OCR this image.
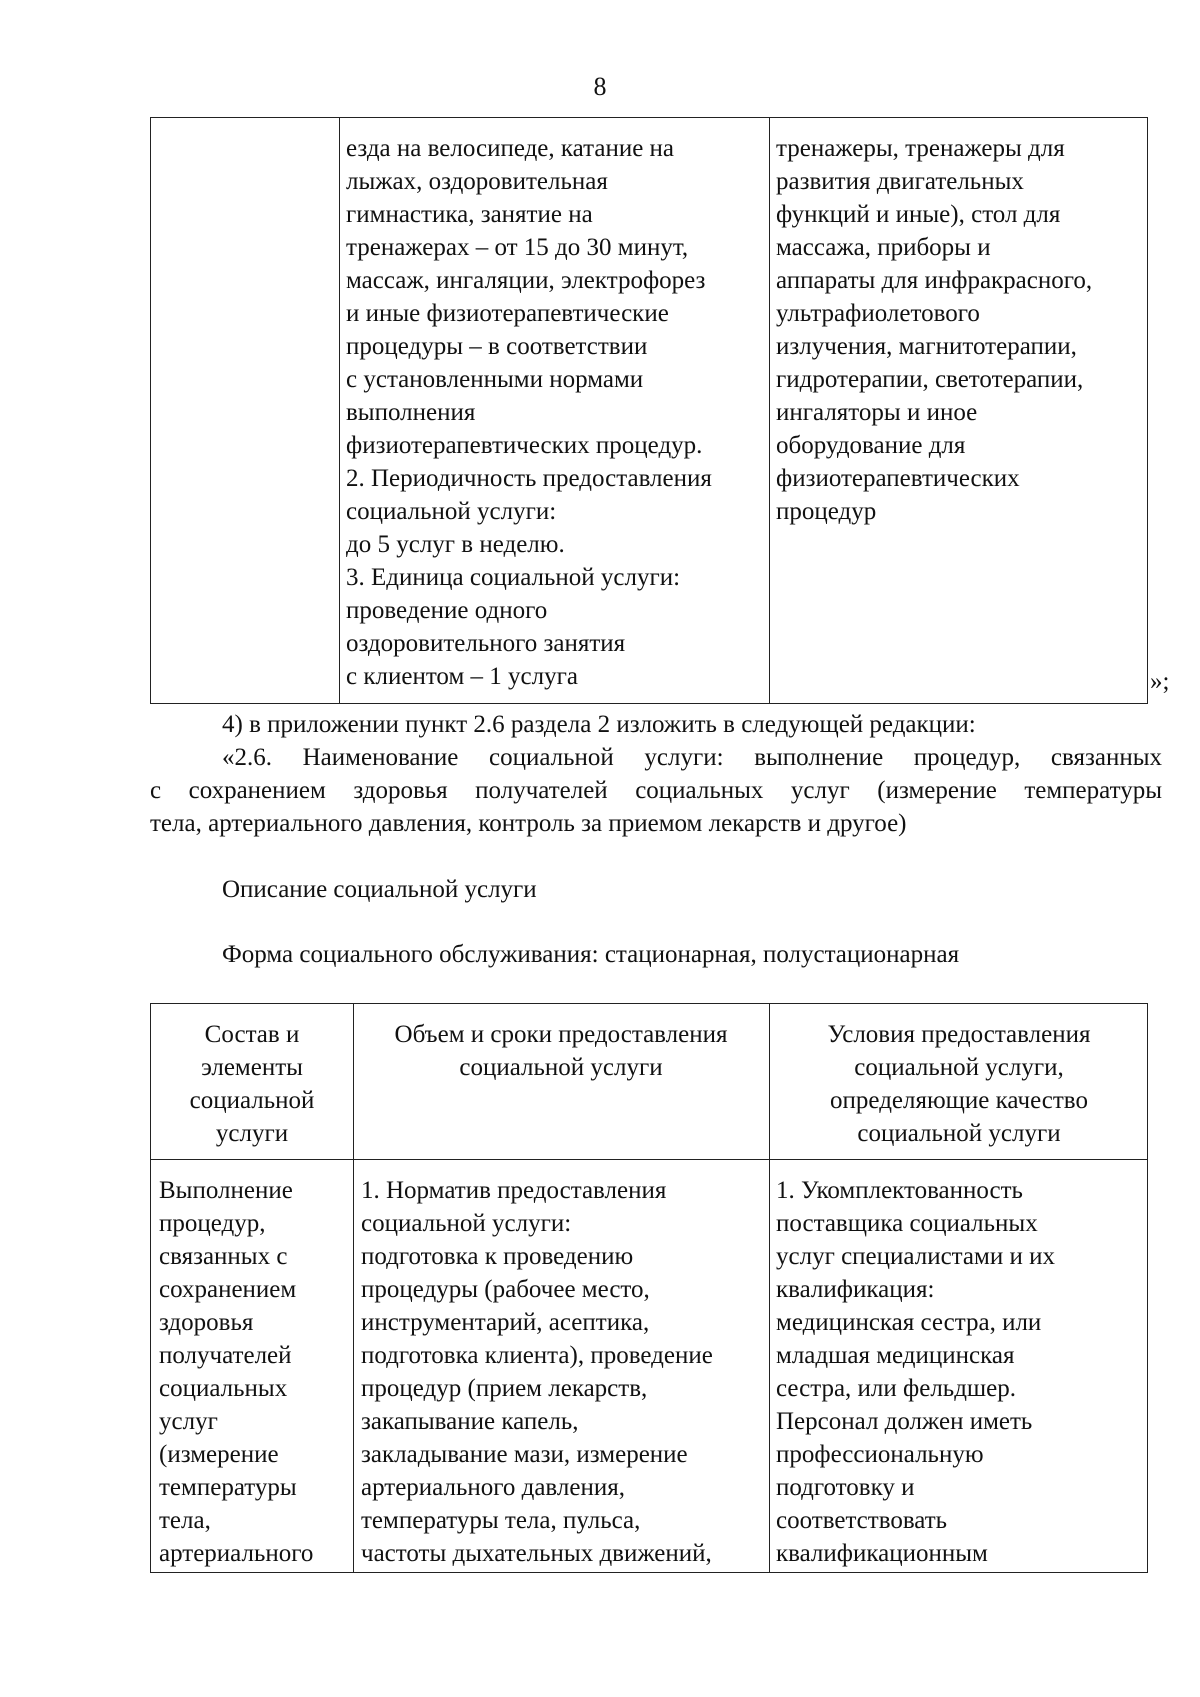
8
езда на велосипеде, катание на
лыжах, оздоровительная
гимнастика, занятие на
тренажерах – от 15 до 30 минут,
массаж, ингаляции, электрофорез
и иные физиотерапевтические
процедуры – в соответствии
с установленными нормами
выполнения
физиотерапевтических процедур.
2. Периодичность предоставления
социальной услуги:
до 5 услуг в неделю.
3. Единица социальной услуги:
проведение одного
оздоровительного занятия
с клиентом – 1 услуга
тренажеры, тренажеры для
развития двигательных
функций и иные), стол для
массажа, приборы и
аппараты для инфракрасного,
ультрафиолетового
излучения, магнитотерапии,
гидротерапии, светотерапии,
ингаляторы и иное
оборудование для
физиотерапевтических
процедур
»;
4) в приложении пункт 2.6 раздела 2 изложить в следующей редакции:
«2.6. Наименование социальной услуги: выполнение процедур, связанных
с сохранением здоровья получателей социальных услуг (измерение температуры
тела, артериального давления, контроль за приемом лекарств и другое)
Описание социальной услуги
Форма социального обслуживания: стационарная, полустационарная
Состав и
элементы
социальной
услуги
Объем и сроки предоставления
социальной услуги
Условия предоставления
социальной услуги,
определяющие качество
социальной услуги
Выполнение
процедур,
связанных с
сохранением
здоровья
получателей
социальных
услуг
(измерение
температуры
тела,
артериального
1. Норматив предоставления
социальной услуги:
подготовка к проведению
процедуры (рабочее место,
инструментарий, асептика,
подготовка клиента), проведение
процедур (прием лекарств,
закапывание капель,
закладывание мази, измерение
артериального давления,
температуры тела, пульса,
частоты дыхательных движений,
1. Укомплектованность
поставщика социальных
услуг специалистами и их
квалификация:
медицинская сестра, или
младшая медицинская
сестра, или фельдшер.
Персонал должен иметь
профессиональную
подготовку и
соответствовать
квалификационным
